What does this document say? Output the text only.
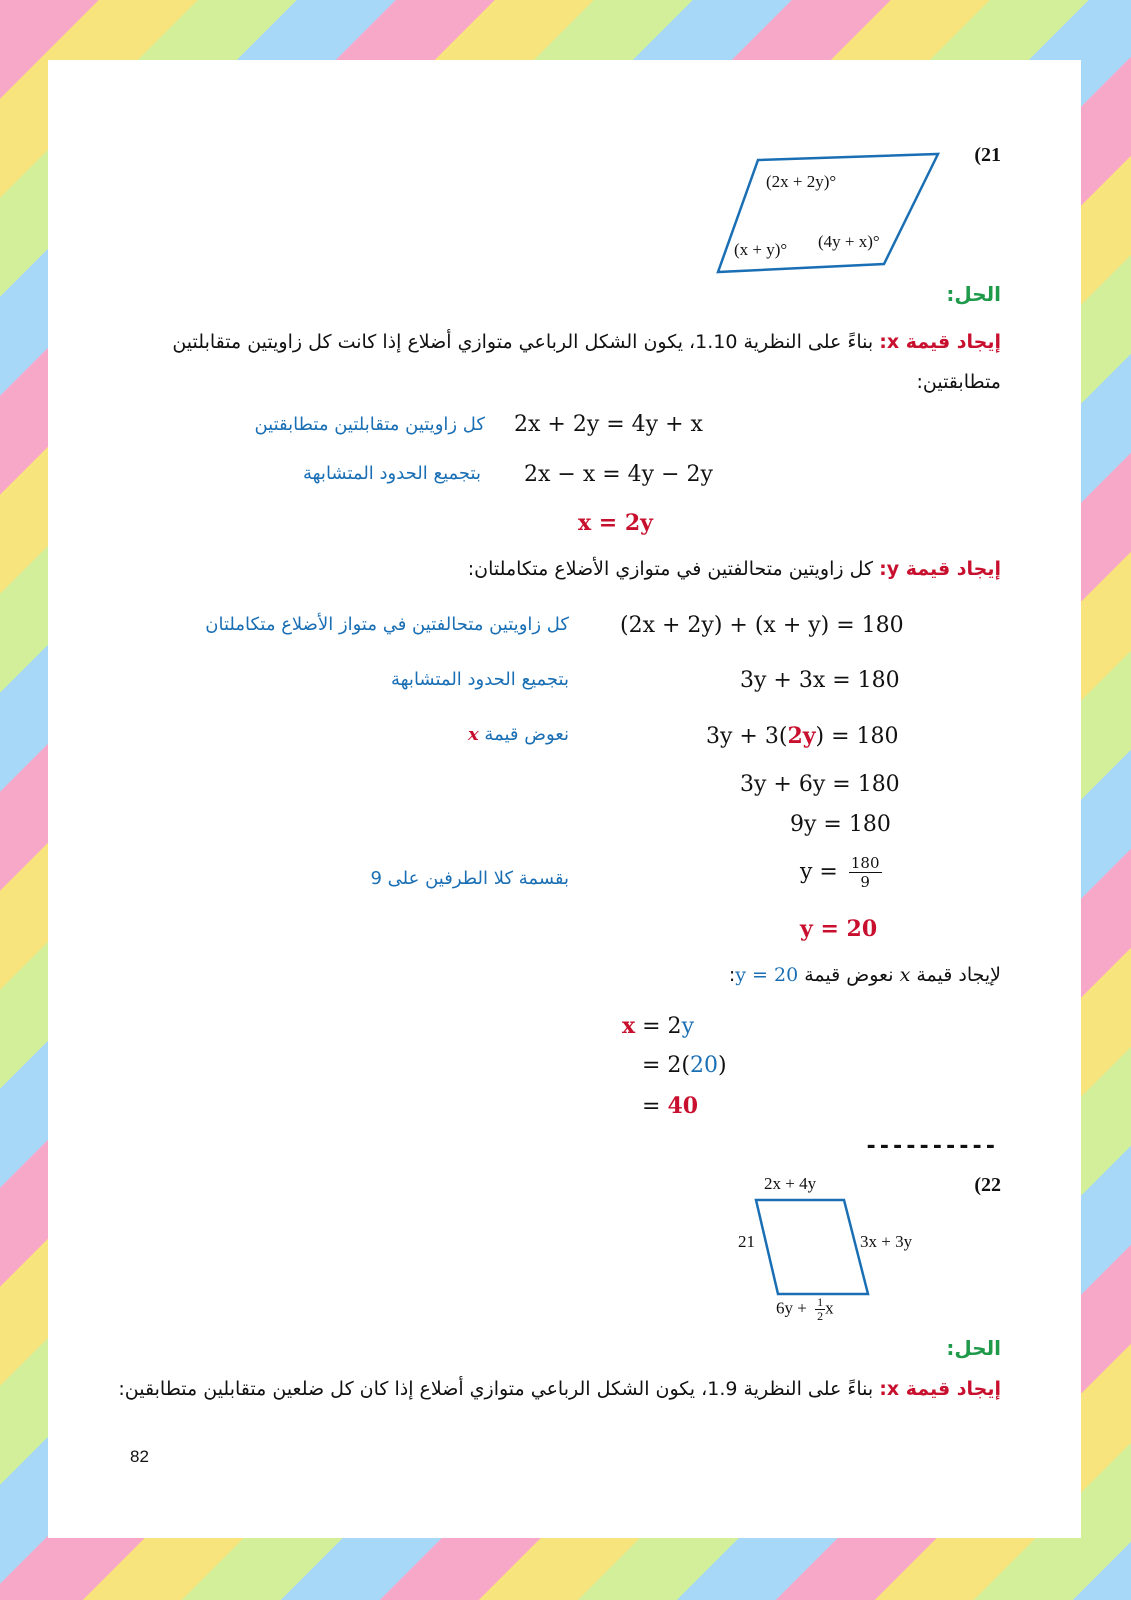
(21
(2x + 2y)°
(x + y)° (4y + x)°
الحل:
إيجاد قيمة x: بناءً على النظرية 1.10، يكون الشكل الرباعي متوازي أضلاع إذا كانت كل زاويتين متقابلتين متطابقتين:
2x + 2y = 4y + x
كل زاويتين متقابلتين متطابقتين
2x − x = 4y − 2y
بتجميع الحدود المتشابهة
x = 2y
إيجاد قيمة y: كل زاويتين متحالفتين في متوازي الأضلاع متكاملتان:
(2x + 2y) + (x + y) = 180
كل زاويتين متحالفتين في متواز الأضلاع متكاملتان
3y + 3x = 180
بتجميع الحدود المتشابهة
3y + 3(2y) = 180
نعوض قيمة x
3y + 6y = 180
9y = 180
$y = \frac{180}{9}$
بقسمة كلا الطرفين على 9
y = 20
لإيجاد قيمة x نعوض قيمة y = 20:
x = 2y
= 2(20)
= 40
----------
(22
2x + 4y
21	3x + 3y
$6y + \frac{1}{2}$ x
الحل:
إيجاد قيمة x: بناءً على النظرية 1.9، يكون الشكل الرباعي متوازي أضلاع إذا كان كل ضلعين متقابلين متطابقين:
82
